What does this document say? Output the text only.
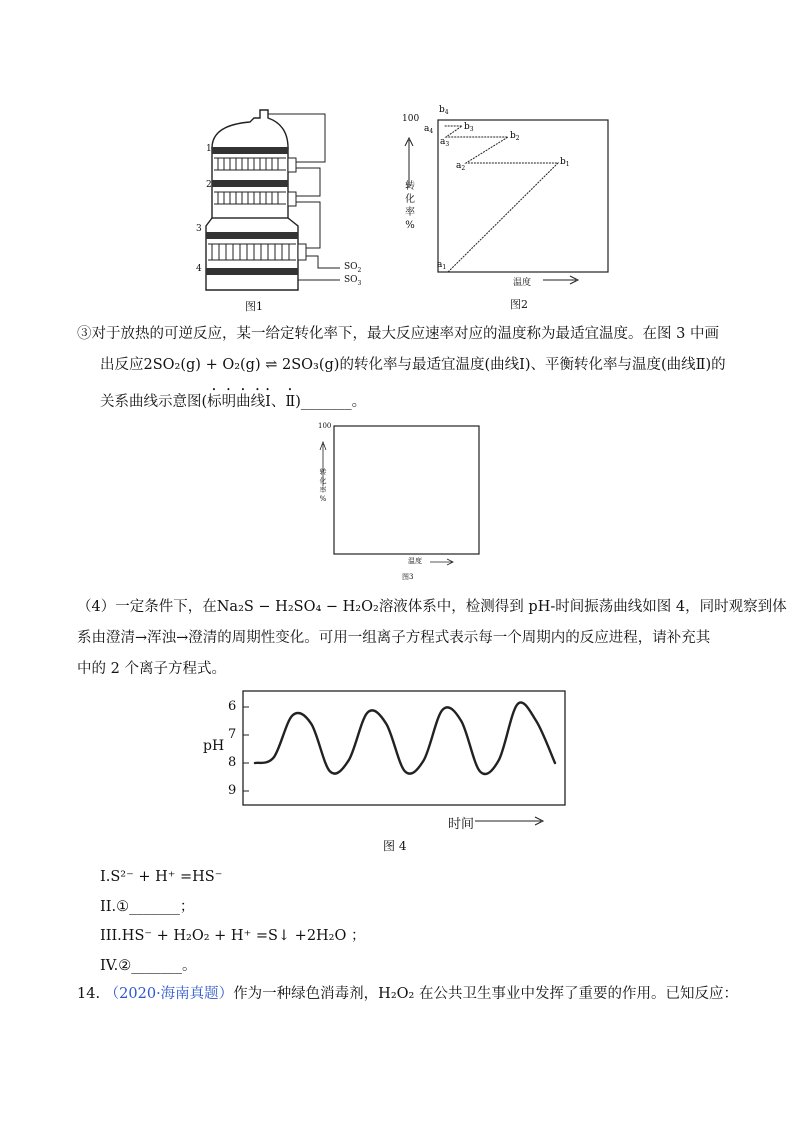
1
2
3
4	$SO_2$
$SO_3$
图1
$a_1$
$b_1$
$a_2$
$b_2$
$a_3$
$b_3$
$a_4$
$b_4$
100
转
化
率
%
温度
图2
③对于放热的可逆反应，某一给定转化率下，最大反应速率对应的温度称为最适宜温度。在图 3 中画
出反应2SO₂(g) + O₂(g) ⇌ 2SO₃(g)的转化率与最适宜温度(曲线Ⅰ)、平衡转化率与温度(曲线Ⅱ)的
关系曲线示意图(标明曲线Ⅰ、Ⅱ)_______。
100
转
化
率
%
温度
图3
（4）一定条件下，在Na₂S − H₂SO₄ − H₂O₂溶液体系中，检测得到 pH-时间振荡曲线如图 4，同时观察到体
系由澄清→浑浊→澄清的周期性变化。可用一组离子方程式表示每一个周期内的反应进程，请补充其
中的 2 个离子方程式。
pH
6
7
8
9
时间
图 4
I.S²⁻ + H⁺ =HS⁻
II.①_______；
III.HS⁻ + H₂O₂ + H⁺ =S↓ +2H₂O ；
IV.②_______。
14. （2020·海南真题）作为一种绿色消毒剂，H₂O₂ 在公共卫生事业中发挥了重要的作用。已知反应：
